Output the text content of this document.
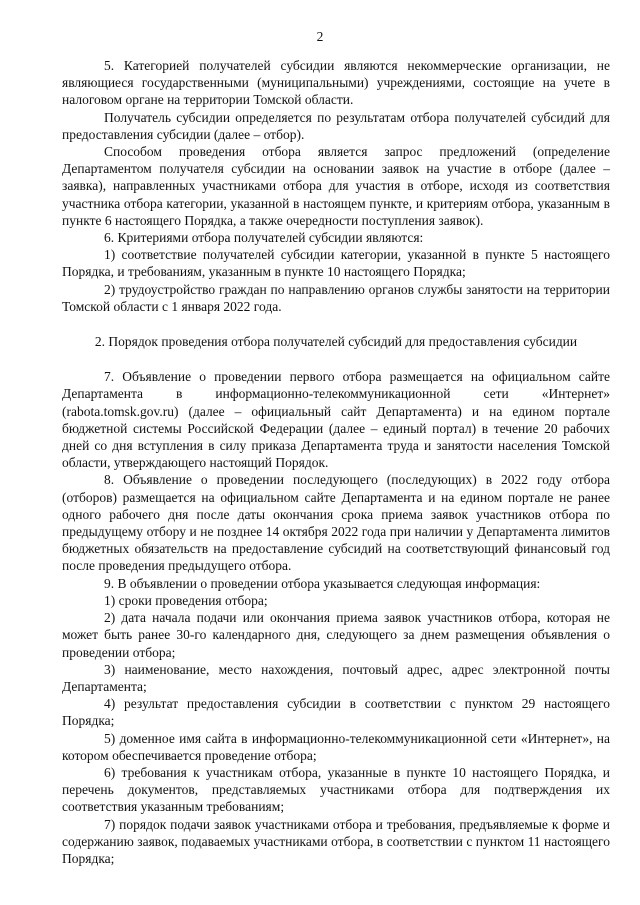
2

5. Категорией получателей субсидии являются некоммерческие организации, не являющиеся государственными (муниципальными) учреждениями, состоящие на учете в налоговом органе на территории Томской области.

Получатель субсидии определяется по результатам отбора получателей субсидий для предоставления субсидии (далее – отбор).

Способом проведения отбора является запрос предложений (определение Департаментом получателя субсидии на основании заявок на участие в отборе (далее – заявка), направленных участниками отбора для участия в отборе, исходя из соответствия участника отбора категории, указанной в настоящем пункте, и критериям отбора, указанным в пункте 6 настоящего Порядка, а также очередности поступления заявок).

6. Критериями отбора получателей субсидии являются:

1) соответствие получателей субсидии категории, указанной в пункте 5 настоящего Порядка, и требованиям, указанным в пункте 10 настоящего Порядка;

2) трудоустройство граждан по направлению органов службы занятости на территории Томской области с 1 января 2022 года.

2. Порядок проведения отбора получателей субсидий для предоставления субсидии

7. Объявление о проведении первого отбора размещается на официальном сайте Департамента в информационно-телекоммуникационной сети «Интернет» (rabota.tomsk.gov.ru) (далее – официальный сайт Департамента) и на едином портале бюджетной системы Российской Федерации (далее – единый портал) в течение 20 рабочих дней со дня вступления в силу приказа Департамента труда и занятости населения Томской области, утверждающего настоящий Порядок.

8. Объявление о проведении последующего (последующих) в 2022 году отбора (отборов) размещается на официальном сайте Департамента и на едином портале не ранее одного рабочего дня после даты окончания срока приема заявок участников отбора по предыдущему отбору и не позднее 14 октября 2022 года при наличии у Департамента лимитов бюджетных обязательств на предоставление субсидий на соответствующий финансовый год после проведения предыдущего отбора.

9. В объявлении о проведении отбора указывается следующая информация:

1) сроки проведения отбора;

2) дата начала подачи или окончания приема заявок участников отбора, которая не может быть ранее 30-го календарного дня, следующего за днем размещения объявления о проведении отбора;

3) наименование, место нахождения, почтовый адрес, адрес электронной почты Департамента;

4) результат предоставления субсидии в соответствии с пунктом 29 настоящего Порядка;

5) доменное имя сайта в информационно-телекоммуникационной сети «Интернет», на котором обеспечивается проведение отбора;

6) требования к участникам отбора, указанные в пункте 10 настоящего Порядка, и перечень документов, представляемых участниками отбора для подтверждения их соответствия указанным требованиям;

7) порядок подачи заявок участниками отбора и требования, предъявляемые к форме и содержанию заявок, подаваемых участниками отбора, в соответствии с пунктом 11 настоящего Порядка;
